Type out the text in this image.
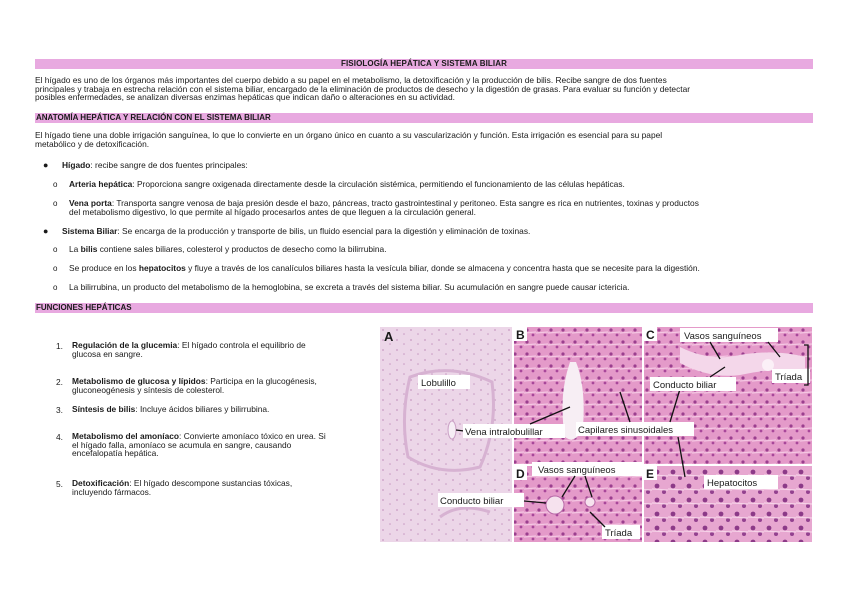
FISIOLOGÍA HEPÁTICA Y SISTEMA BILIAR
El hígado es uno de los órganos más importantes del cuerpo debido a su papel en el metabolismo, la detoxificación y la producción de bilis. Recibe sangre de dos fuentes
principales y trabaja en estrecha relación con el sistema biliar, encargado de la eliminación de productos de desecho y la digestión de grasas. Para evaluar su función y detectar
posibles enfermedades, se analizan diversas enzimas hepáticas que indican daño o alteraciones en su actividad.
ANATOMÍA HEPÁTICA Y RELACIÓN CON EL SISTEMA BILIAR
El hígado tiene una doble irrigación sanguínea, lo que lo convierte en un órgano único en cuanto a su vascularización y función. Esta irrigación es esencial para su papel
metabólico y de detoxificación.
● Hígado: recibe sangre de dos fuentes principales:
o Arteria hepática: Proporciona sangre oxigenada directamente desde la circulación sistémica, permitiendo el funcionamiento de las células hepáticas.
o Vena porta: Transporta sangre venosa de baja presión desde el bazo, páncreas, tracto gastrointestinal y peritoneo. Esta sangre es rica en nutrientes, toxinas y productos
del metabolismo digestivo, lo que permite al hígado procesarlos antes de que lleguen a la circulación general.
● Sistema Biliar: Se encarga de la producción y transporte de bilis, un fluido esencial para la digestión y eliminación de toxinas.
o La bilis contiene sales biliares, colesterol y productos de desecho como la bilirrubina.
o Se produce en los hepatocitos y fluye a través de los canalículos biliares hasta la vesícula biliar, donde se almacena y concentra hasta que se necesite para la digestión.
o La bilirrubina, un producto del metabolismo de la hemoglobina, se excreta a través del sistema biliar. Su acumulación en sangre puede causar ictericia.
FUNCIONES HEPÁTICAS
1. Regulación de la glucemia: El hígado controla el equilibrio de
glucosa en sangre.
2. Metabolismo de glucosa y lípidos: Participa en la glucogénesis,
gluconeogénesis y síntesis de colesterol.
3. Síntesis de bilis: Incluye ácidos biliares y bilirrubina.
4. Metabolismo del amoníaco: Convierte amoníaco tóxico en urea. Si
el hígado falla, amoníaco se acumula en sangre, causando
encefalopatía hepática.
5. Detoxificación: El hígado descompone sustancias tóxicas,
incluyendo fármacos.
A	B	C
D	E
Lobulillo
Vena intralobulillar
Conducto biliar
Capilares sinusoidales
Vasos sanguíneos
Conducto biliar
Tríada
Vasos sanguíneos
Tríada
Hepatocitos
